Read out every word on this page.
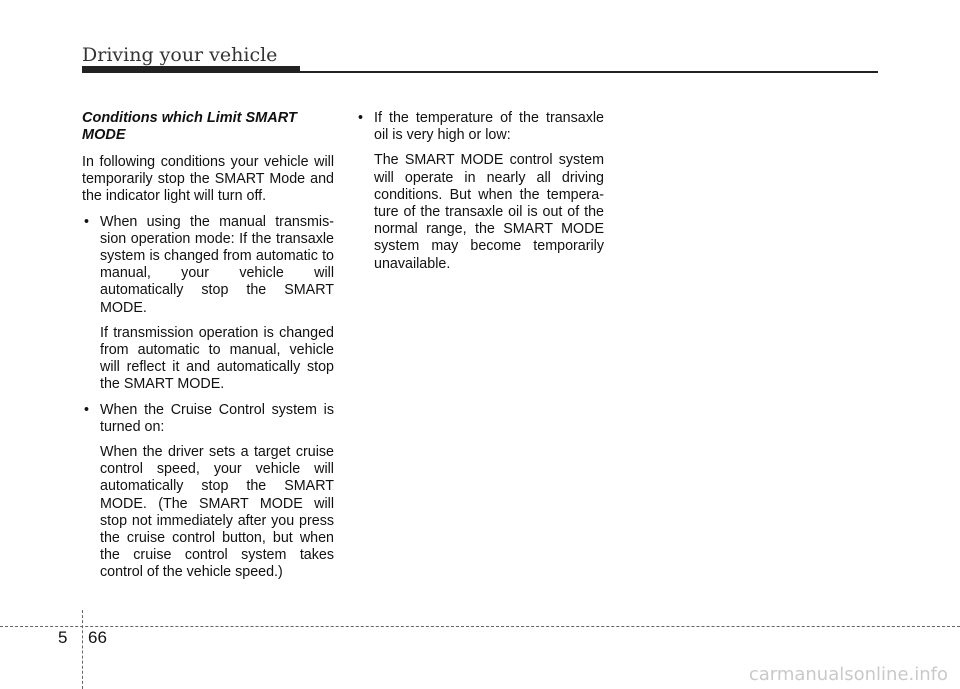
Driving your vehicle
Conditions which Limit SMART MODE

In following conditions your vehicle will temporarily stop the SMART Mode and the indicator light will turn off.

• When using the manual transmission operation mode: If the transaxle system is changed from automatic to manual, your vehicle will automatically stop the SMART MODE.

If transmission operation is changed from automatic to manual, vehicle will reflect it and automatically stop the SMART MODE.

• When the Cruise Control system is turned on:

When the driver sets a target cruise control speed, your vehicle will automatically stop the SMART MODE. (The SMART MODE will stop not immediately after you press the cruise control button, but when the cruise control system takes control of the vehicle speed.)

• If the temperature of the transaxle oil is very high or low:

The SMART MODE control system will operate in nearly all driving conditions. But when the temperature of the transaxle oil is out of the normal range, the SMART MODE system may become temporarily unavailable.

5 66
carmanualsonline.info
